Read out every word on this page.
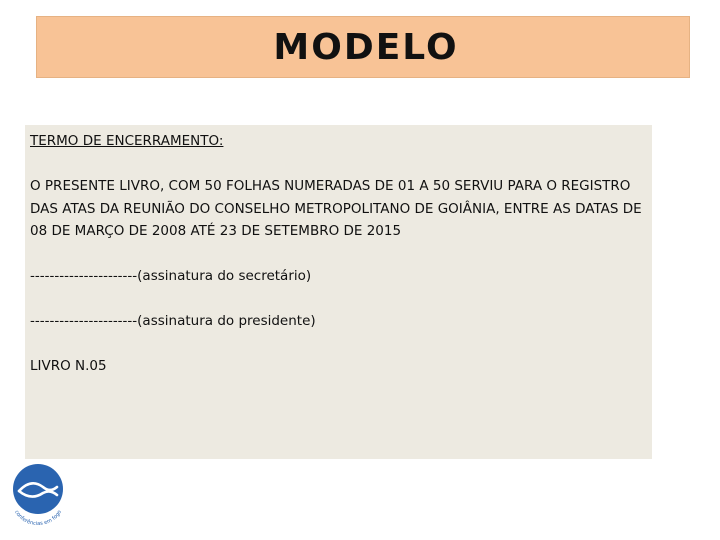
MODELO

TERMO DE ENCERRAMENTO:

O PRESENTE LIVRO, COM 50 FOLHAS NUMERADAS DE 01 A 50 SERVIU PARA O REGISTRO DAS ATAS DA REUNIÃO DO CONSELHO METROPOLITANO DE GOIÂNIA, ENTRE AS DATAS DE 08 DE MARÇO DE 2008 ATÉ 23 DE SETEMBRO DE 2015

----------------------(assinatura do secretário)

----------------------(assinatura do presidente)

LIVRO N.05

conferências em fogo
